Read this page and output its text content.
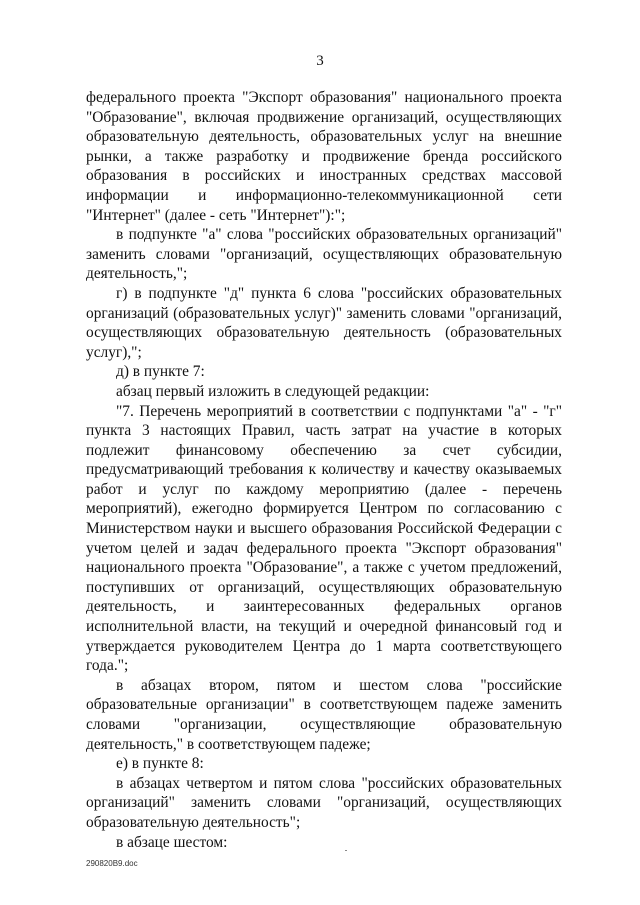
3

федерального проекта "Экспорт образования" национального проекта "Образование", включая продвижение организаций, осуществляющих образовательную деятельность, образовательных услуг на внешние рынки, а также разработку и продвижение бренда российского образования в российских и иностранных средствах массовой информации и информационно-телекоммуникационной сети "Интернет" (далее - сеть "Интернет"):";

в подпункте "а" слова "российских образовательных организаций" заменить словами "организаций, осуществляющих образовательную деятельность,";

г) в подпункте "д" пункта 6 слова "российских образовательных организаций (образовательных услуг)" заменить словами "организаций, осуществляющих образовательную деятельность (образовательных услуг),";

д) в пункте 7:

абзац первый изложить в следующей редакции:

"7. Перечень мероприятий в соответствии с подпунктами "а" - "г" пункта 3 настоящих Правил, часть затрат на участие в которых подлежит финансовому обеспечению за счет субсидии, предусматривающий требования к количеству и качеству оказываемых работ и услуг по каждому мероприятию (далее - перечень мероприятий), ежегодно формируется Центром по согласованию с Министерством науки и высшего образования Российской Федерации с учетом целей и задач федерального проекта "Экспорт образования" национального проекта "Образование", а также с учетом предложений, поступивших от организаций, осуществляющих образовательную деятельность, и заинтересованных федеральных органов исполнительной власти, на текущий и очередной финансовый год и утверждается руководителем Центра до 1 марта соответствующего года.";

в абзацах втором, пятом и шестом слова "российские образовательные организации" в соответствующем падеже заменить словами "организации, осуществляющие образовательную деятельность," в соответствующем падеже;

е) в пункте 8:

в абзацах четвертом и пятом слова "российских образовательных организаций" заменить словами "организаций, осуществляющих образовательную деятельность";

в абзаце шестом:

290820В9.doc
